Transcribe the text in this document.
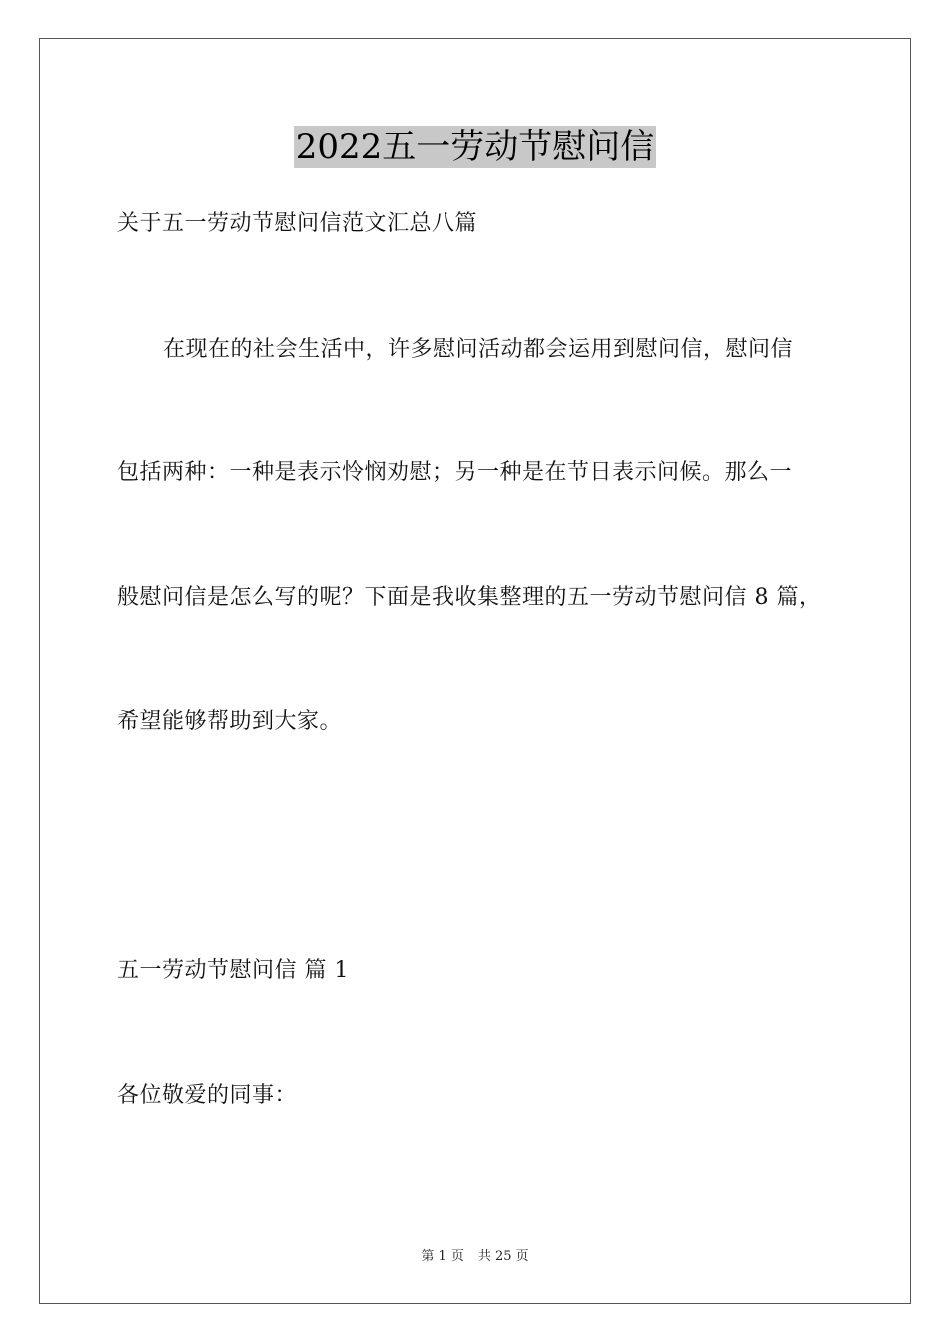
2022五一劳动节慰问信
关于五一劳动节慰问信范文汇总八篇
在现在的社会生活中，许多慰问活动都会运用到慰问信，慰问信
包括两种：一种是表示怜悯劝慰；另一种是在节日表示问候。那么一
般慰问信是怎么写的呢？下面是我收集整理的五一劳动节慰问信 8 篇，
希望能够帮助到大家。
五一劳动节慰问信 篇 1
各位敬爱的同事：
第 1 页 共 25 页
